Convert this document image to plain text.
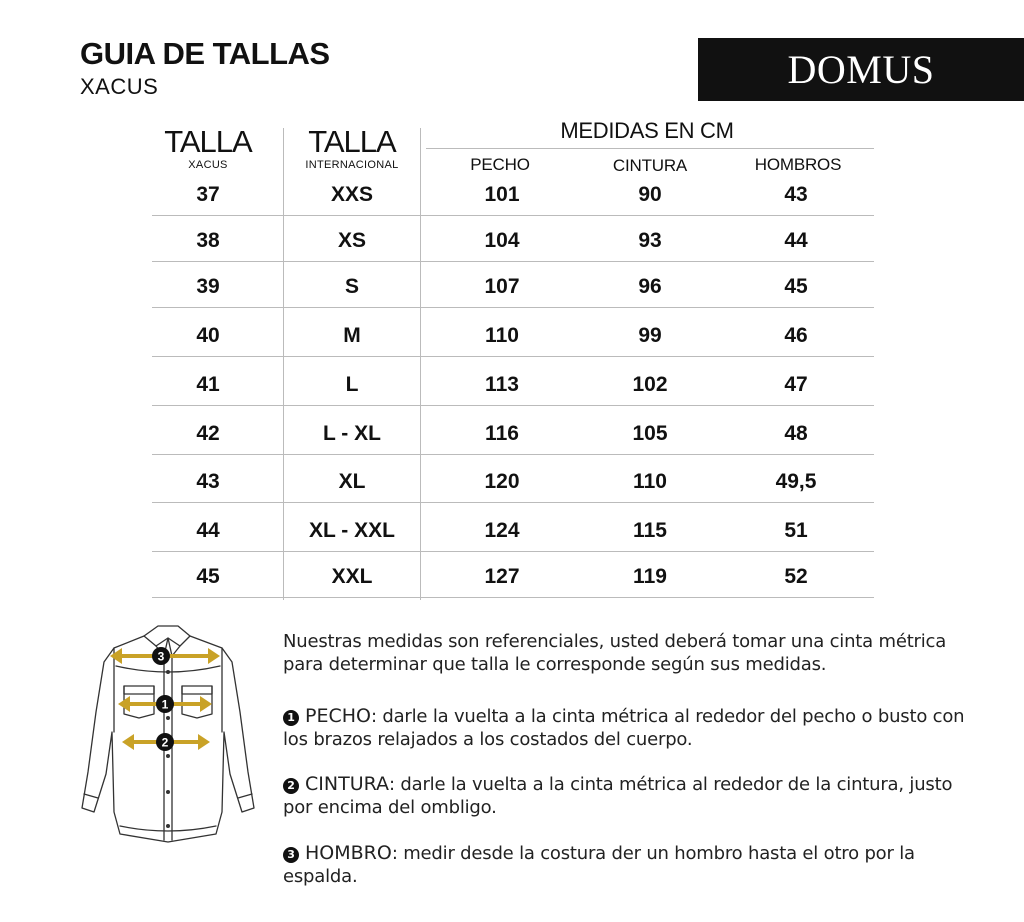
GUIA DE TALLAS
XACUS	DOMUS
TALLA
XACUS
TALLA
INTERNACIONAL
MEDIDAS EN CM
PECHO	CINTURA	HOMBROS
37	XXS	101	90	43
38	XS	104	93	44
39	S	107	96	45
40	M	110	99	46
41	L	113	102	47
42	L - XL	116	105	48
43	XL	120	110	49,5
44	XL - XXL	124	115	51
45	XXL	127	119	52
3
1
2
Nuestras medidas son referenciales, usted deberá tomar una cinta métrica para determinar que talla le corresponde según sus medidas.
1 PECHO: darle la vuelta a la cinta métrica al rededor del pecho o busto con los brazos relajados a los costados del cuerpo.
2 CINTURA: darle la vuelta a la cinta métrica al rededor de la cintura, justo por encima del ombligo.
3 HOMBRO: medir desde la costura der un hombro hasta el otro por la espalda.
